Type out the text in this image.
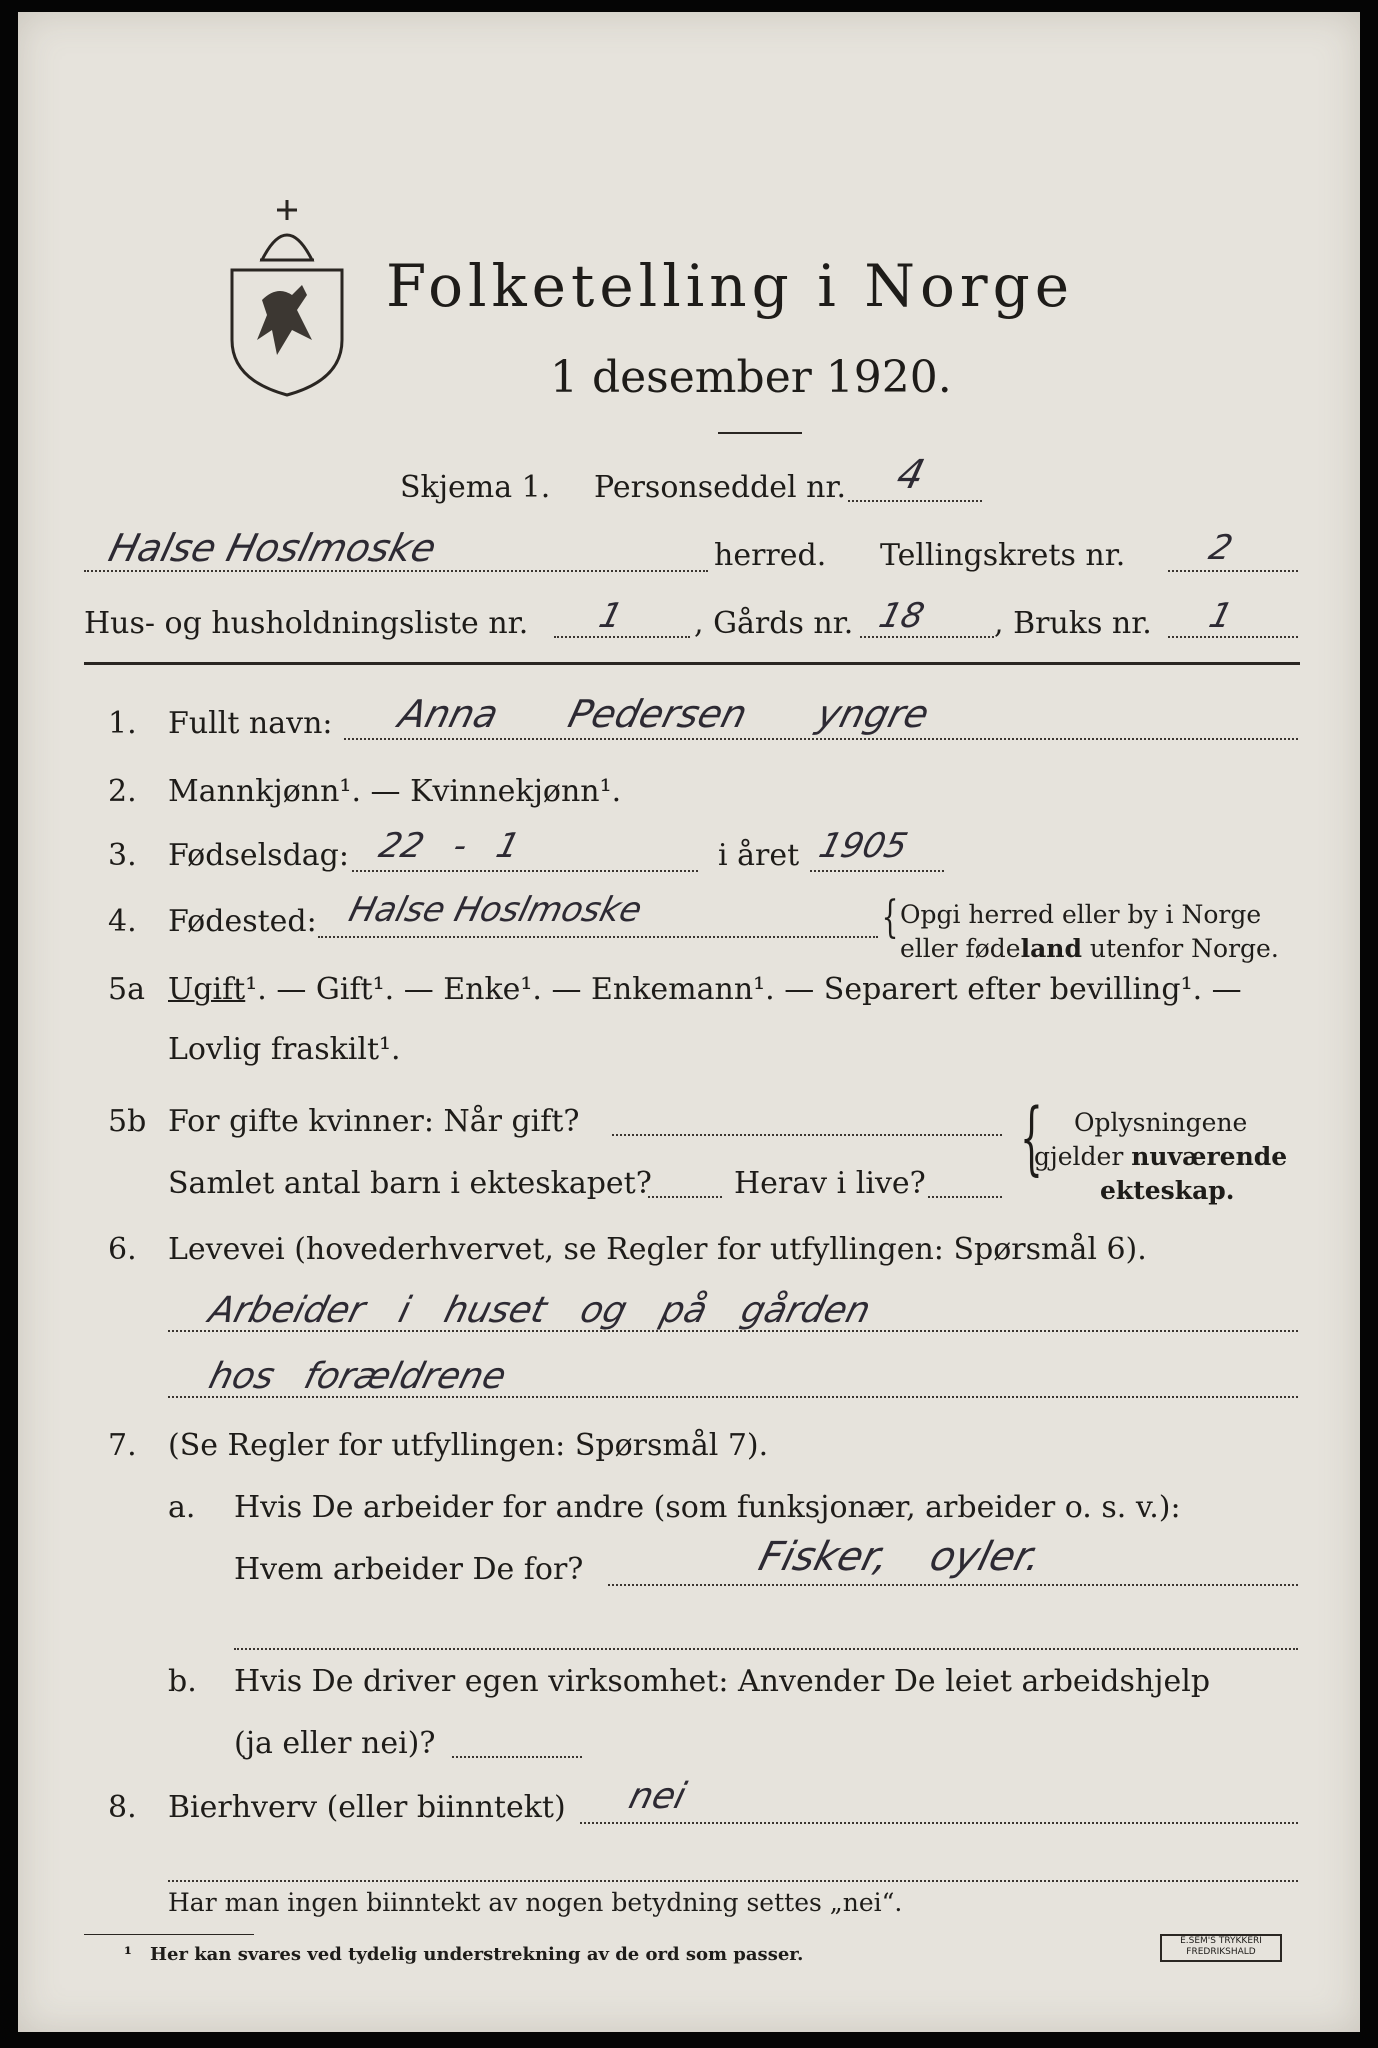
Folketelling i Norge
1 desember 1920.
Skjema 1. Personseddel nr. 4
Halse Hoslmoske	herred. Tellingskrets nr. 2
Hus- og husholdningsliste nr. 1 , Gårds nr. 18 , Bruks nr. 1
1. Fullt navn: Anna Pedersen yngre
2. Mannkjønn¹. — Kvinnekjønn¹.
3. Fødselsdag: 22 - 1	i året 1905
4. Fødested: Halse Hoslmoske	{ Opgi herred eller by i Norge
eller fødeland utenfor Norge.
5a Ugift¹. — Gift¹. — Enke¹. — Enkemann¹. — Separert efter bevilling¹. —
Lovlig fraskilt¹.
5b For gifte kvinner: Når gift?
Samlet antal barn i ekteskapet?	Herav i live? { Oplysningene
gjelder nuværende
ekteskap.
6. Levevei (hovederhvervet, se Regler for utfyllingen: Spørsmål 6).
Arbeider i huset og på gården
hos forældrene
7. (Se Regler for utfyllingen: Spørsmål 7).
a. Hvis De arbeider for andre (som funksjonær, arbeider o. s. v.):
Hvem arbeider De for?	Fisker, oyler.
b. Hvis De driver egen virksomhet: Anvender De leiet arbeidshjelp
(ja eller nei)?
8. Bierhverv (eller biinntekt) nei
Har man ingen biinntekt av nogen betydning settes „nei“.
¹ Her kan svares ved tydelig understrekning av de ord som passer.
E.SEM'S TRYKKERI FREDRIKSHALD
